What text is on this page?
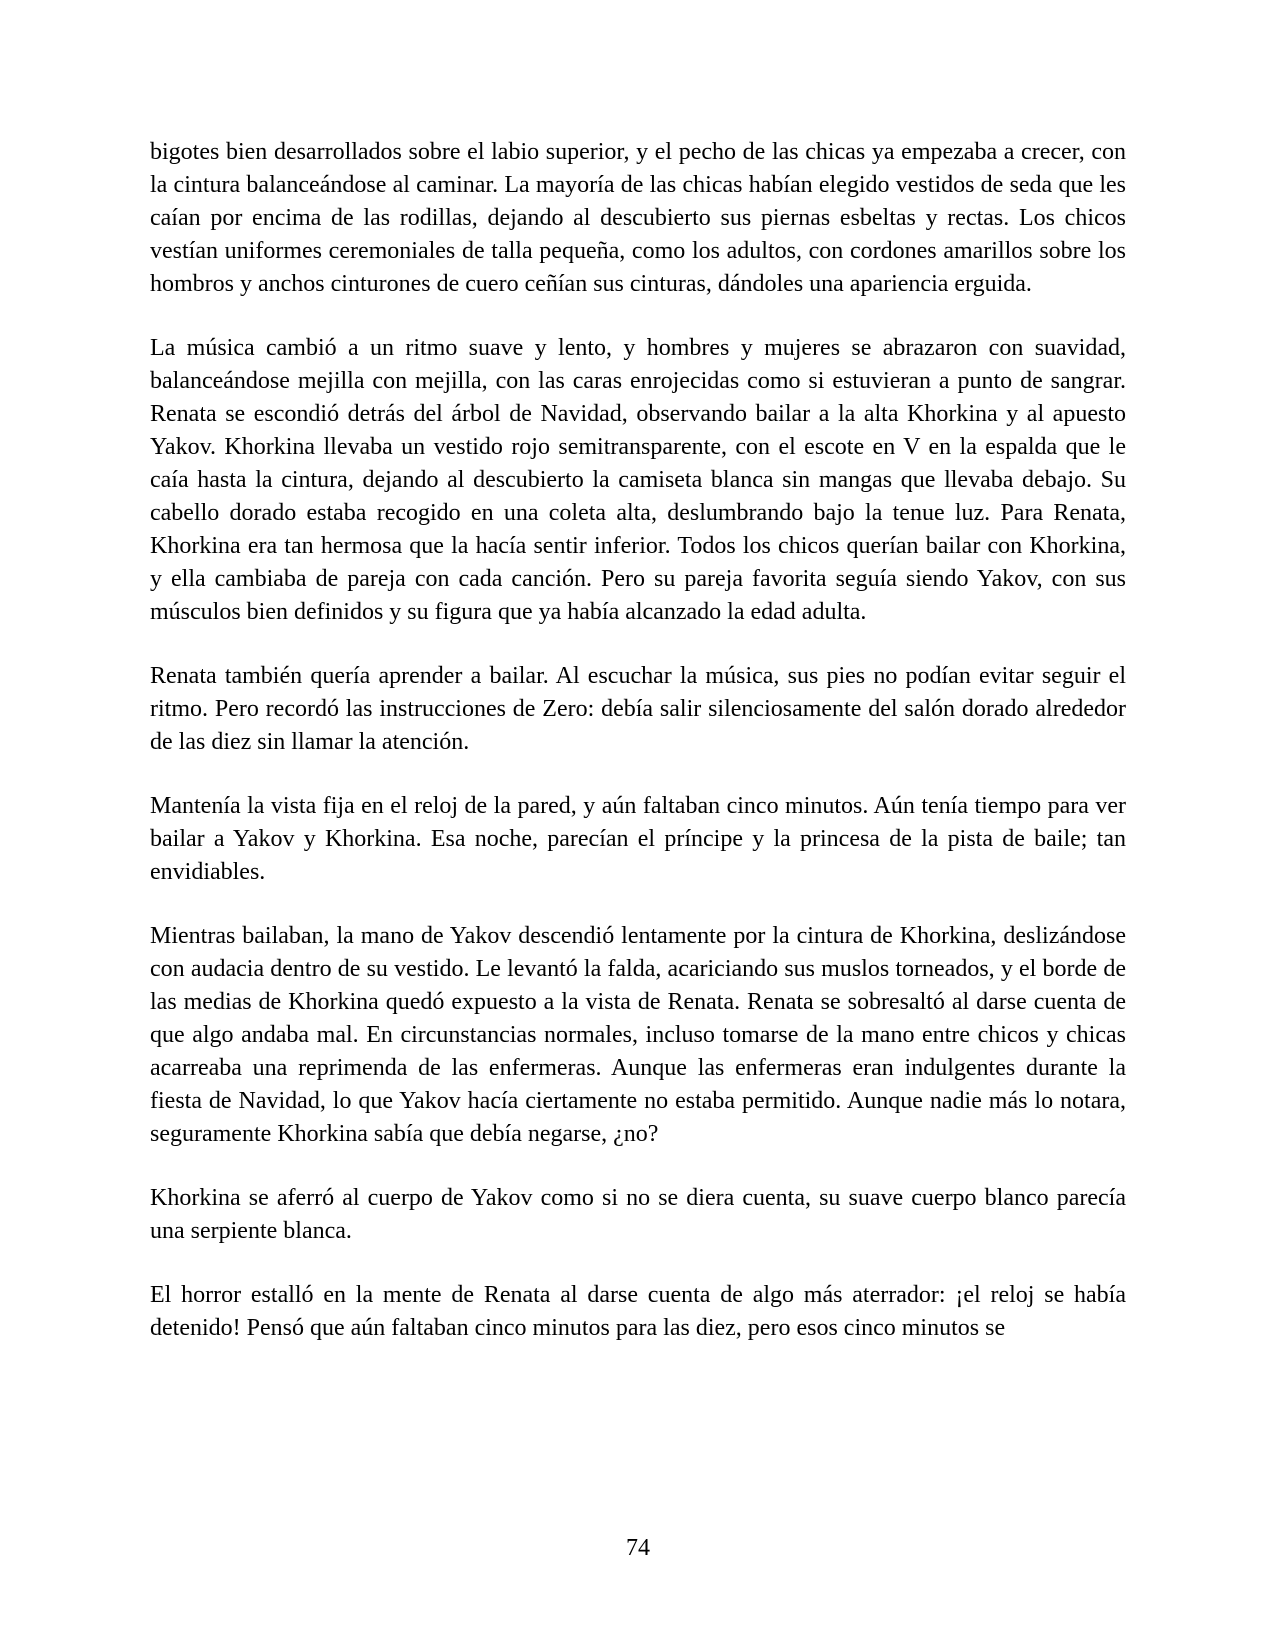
bigotes bien desarrollados sobre el labio superior, y el pecho de las chicas ya empezaba a crecer, con la cintura balanceándose al caminar. La mayoría de las chicas habían elegido vestidos de seda que les caían por encima de las rodillas, dejando al descubierto sus piernas esbeltas y rectas. Los chicos vestían uniformes ceremoniales de talla pequeña, como los adultos, con cordones amarillos sobre los hombros y anchos cinturones de cuero ceñían sus cinturas, dándoles una apariencia erguida.

La música cambió a un ritmo suave y lento, y hombres y mujeres se abrazaron con suavidad, balanceándose mejilla con mejilla, con las caras enrojecidas como si estuvieran a punto de sangrar. Renata se escondió detrás del árbol de Navidad, observando bailar a la alta Khorkina y al apuesto Yakov. Khorkina llevaba un vestido rojo semitransparente, con el escote en V en la espalda que le caía hasta la cintura, dejando al descubierto la camiseta blanca sin mangas que llevaba debajo. Su cabello dorado estaba recogido en una coleta alta, deslumbrando bajo la tenue luz. Para Renata, Khorkina era tan hermosa que la hacía sentir inferior. Todos los chicos querían bailar con Khorkina, y ella cambiaba de pareja con cada canción. Pero su pareja favorita seguía siendo Yakov, con sus músculos bien definidos y su figura que ya había alcanzado la edad adulta.

Renata también quería aprender a bailar. Al escuchar la música, sus pies no podían evitar seguir el ritmo. Pero recordó las instrucciones de Zero: debía salir silenciosamente del salón dorado alrededor de las diez sin llamar la atención.

Mantenía la vista fija en el reloj de la pared, y aún faltaban cinco minutos. Aún tenía tiempo para ver bailar a Yakov y Khorkina. Esa noche, parecían el príncipe y la princesa de la pista de baile; tan envidiables.

Mientras bailaban, la mano de Yakov descendió lentamente por la cintura de Khorkina, deslizándose con audacia dentro de su vestido. Le levantó la falda, acariciando sus muslos torneados, y el borde de las medias de Khorkina quedó expuesto a la vista de Renata. Renata se sobresaltó al darse cuenta de que algo andaba mal. En circunstancias normales, incluso tomarse de la mano entre chicos y chicas acarreaba una reprimenda de las enfermeras. Aunque las enfermeras eran indulgentes durante la fiesta de Navidad, lo que Yakov hacía ciertamente no estaba permitido. Aunque nadie más lo notara, seguramente Khorkina sabía que debía negarse, ¿no?

Khorkina se aferró al cuerpo de Yakov como si no se diera cuenta, su suave cuerpo blanco parecía una serpiente blanca.

El horror estalló en la mente de Renata al darse cuenta de algo más aterrador: ¡el reloj se había detenido! Pensó que aún faltaban cinco minutos para las diez, pero esos cinco minutos se

74
